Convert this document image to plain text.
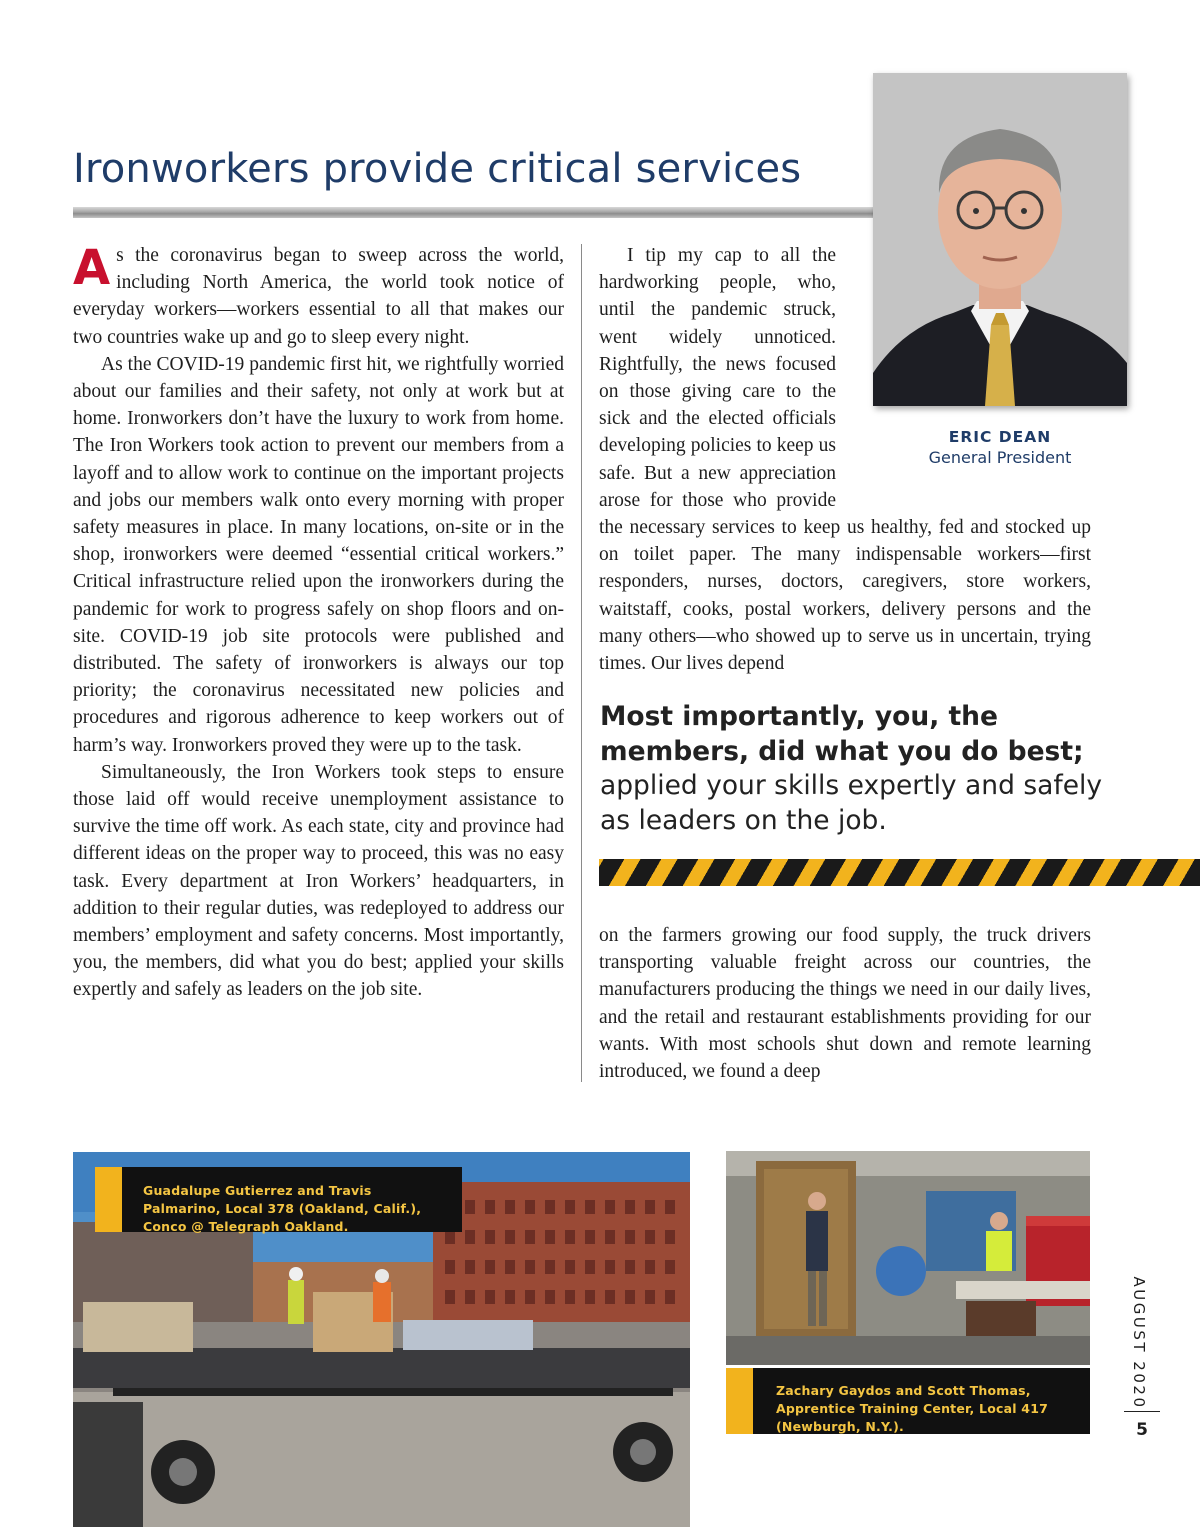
Ironworkers provide critical services
ERIC DEAN
General President

As the coronavirus began to sweep across the world, including North America, the world took notice of everyday workers—workers essential to all that makes our two countries wake up and go to sleep every night.

As the COVID-19 pandemic first hit, we rightfully worried about our families and their safety, not only at work but at home. Ironworkers don’t have the luxury to work from home. The Iron Workers took action to prevent our members from a layoff and to allow work to continue on the important projects and jobs our members walk onto every morning with proper safety measures in place. In many locations, on-site or in the shop, ironworkers were deemed “essential critical workers.” Critical infrastructure relied upon the ironworkers during the pandemic for work to progress safely on shop floors and on-site. COVID-19 job site protocols were published and distributed. The safety of ironworkers is always our top priority; the coronavirus necessitated new policies and procedures and rigorous adherence to keep workers out of harm’s way. Ironworkers proved they were up to the task.

Simultaneously, the Iron Workers took steps to ensure those laid off would receive unemployment assistance to survive the time off work. As each state, city and province had different ideas on the proper way to proceed, this was no easy task. Every department at Iron Workers’ headquarters, in addition to their regular duties, was redeployed to address our members’ employment and safety concerns. Most importantly, you, the members, did what you do best; applied your skills expertly and safely as leaders on the job site.

I tip my cap to all the hardworking people, who, until the pandemic struck, went widely unnoticed. Rightfully, the news focused on those giving care to the sick and the elected officials developing policies to keep us safe. But a new appreciation arose for those who provide the necessary services to keep us healthy, fed and stocked up on toilet paper. The many indispensable workers—first responders, nurses, doctors, caregivers, store workers, waitstaff, cooks, postal workers, delivery persons and the many others—who showed up to serve us in uncertain, trying times. Our lives depend

Most importantly, you, the members, did what you do best; applied your skills expertly and safely as leaders on the job.

on the farmers growing our food supply, the truck drivers transporting valuable freight across our countries, the manufacturers producing the things we need in our daily lives, and the retail and restaurant establishments providing for our wants. With most schools shut down and remote learning introduced, we found a deep

Guadalupe Gutierrez and Travis Palmarino, Local 378 (Oakland, Calif.), Conco @ Telegraph Oakland.
Zachary Gaydos and Scott Thomas, Apprentice Training Center, Local 417 (Newburgh, N.Y.).
AUGUST 2020
5
